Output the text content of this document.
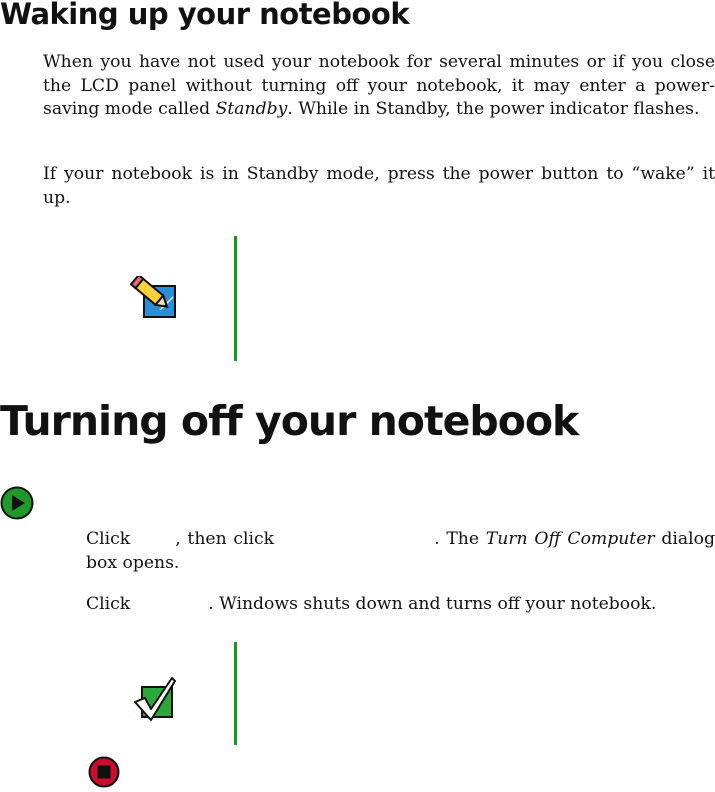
Waking up your notebook

When you have not used your notebook for several minutes or if you close the LCD panel without turning off your notebook, it may enter a power-saving mode called Standby. While in Standby, the power indicator flashes.

If your notebook is in Standby mode, press the power button to “wake” it up.

Turning off your notebook

Click	, then click	. The Turn Off Computer dialog box opens.

Click	. Windows shuts down and turns off your notebook.
